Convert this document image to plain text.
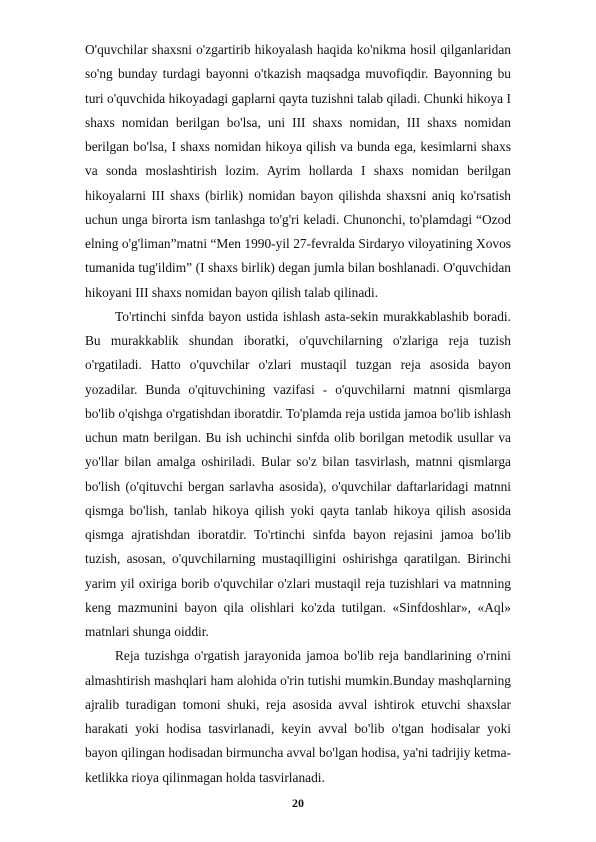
O'quvchilar shaxsni o'zgartirib hikoyalash haqida ko'nikma hosil qilganlaridan so'ng bunday turdagi bayonni o'tkazish maqsadga muvofiqdir. Bayonning bu turi o'quvchida hikoyadagi gaplarni qayta tuzishni talab qiladi. Chunki hikoya I shaxs nomidan berilgan bo'lsa, uni III shaxs nomidan, III shaxs nomidan berilgan bo'lsa, I shaxs nomidan hikoya qilish va bunda ega, kesimlarni shaxs va sonda moslashtirish lozim. Ayrim hollarda I shaxs nomidan berilgan hikoyalarni III shaxs (birlik) nomidan bayon qilishda shaxsni aniq ko'rsatish uchun unga birorta ism tanlashga to'g'ri keladi. Chunonchi, to'plamdagi “Ozod elning o'g'liman”matni “Men 1990-yil 27-fevralda Sirdaryo viloyatining Xovos tumanida tug'ildim” (I shaxs birlik) degan jumla bilan boshlanadi. O'quvchidan hikoyani III shaxs nomidan bayon qilish talab qilinadi.

To'rtinchi sinfda bayon ustida ishlash asta-sekin murakkablashib boradi. Bu murakkablik shundan iboratki, o'quvchilarning o'zlariga reja tuzish o'rgatiladi. Hatto o'quvchilar o'zlari mustaqil tuzgan reja asosida bayon yozadilar. Bunda o'qituvchining vazifasi - o'quvchilarni matnni qismlarga bo'lib o'qishga o'rgatishdan iboratdir. To'plamda reja ustida jamoa bo'lib ishlash uchun matn berilgan. Bu ish uchinchi sinfda olib borilgan metodik usullar va yo'llar bilan amalga oshiriladi. Bular so'z bilan tasvirlash, matnni qismlarga bo'lish (o'qituvchi bergan sarlavha asosida), o'quvchilar daftarlaridagi matnni qismga bo'lish, tanlab hikoya qilish yoki qayta tanlab hikoya qilish asosida qismga ajratishdan iboratdir. To'rtinchi sinfda bayon rejasini jamoa bo'lib tuzish, asosan, o'quvchilarning mustaqilligini oshirishga qaratilgan. Birinchi yarim yil oxiriga borib o'quvchilar o'zlari mustaqil reja tuzishlari va matnning keng mazmunini bayon qila olishlari ko'zda tutilgan. «Sinfdoshlar», «Aql» matnlari shunga oiddir.

Reja tuzishga o'rgatish jarayonida jamoa bo'lib reja bandlarining o'rnini almashtirish mashqlari ham alohida o'rin tutishi mumkin.Bunday mashqlarning ajralib turadigan tomoni shuki, reja asosida avval ishtirok etuvchi shaxslar harakati yoki hodisa tasvirlanadi, keyin avval bo'lib o'tgan hodisalar yoki bayon qilingan hodisadan birmuncha avval bo'lgan hodisa, ya'ni tadrijiy ketma-ketlikka rioya qilinmagan holda tasvirlanadi.

20
